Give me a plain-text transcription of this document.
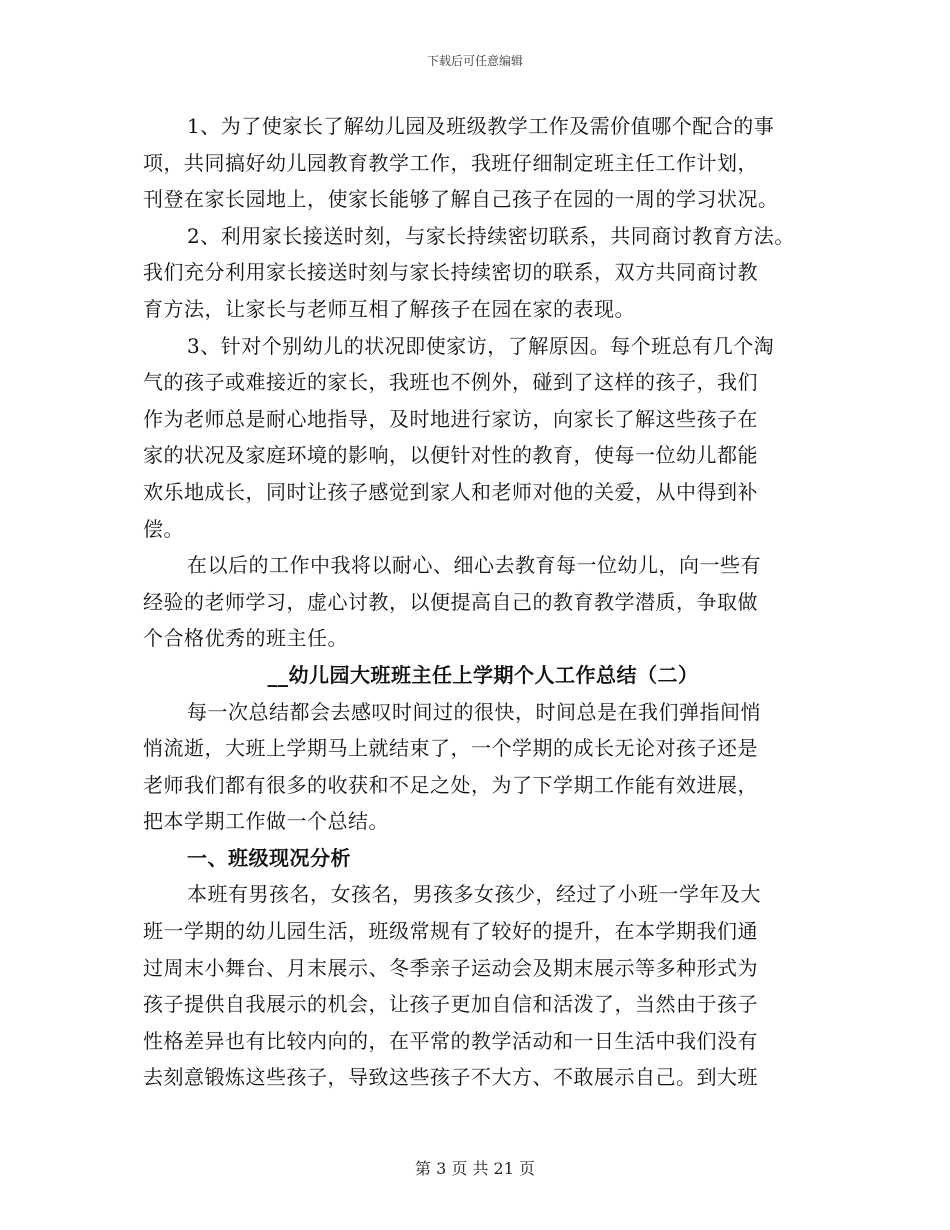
下载后可任意编辑
1、为了使家长了解幼儿园及班级教学工作及需价值哪个配合的事
项，共同搞好幼儿园教育教学工作，我班仔细制定班主任工作计划，
刊登在家长园地上，使家长能够了解自己孩子在园的一周的学习状况。
2、利用家长接送时刻，与家长持续密切联系，共同商讨教育方法。
我们充分利用家长接送时刻与家长持续密切的联系，双方共同商讨教
育方法，让家长与老师互相了解孩子在园在家的表现。
3、针对个别幼儿的状况即使家访，了解原因。每个班总有几个淘
气的孩子或难接近的家长，我班也不例外，碰到了这样的孩子，我们
作为老师总是耐心地指导，及时地进行家访，向家长了解这些孩子在
家的状况及家庭环境的影响，以便针对性的教育，使每一位幼儿都能
欢乐地成长，同时让孩子感觉到家人和老师对他的关爱，从中得到补
偿。
在以后的工作中我将以耐心、细心去教育每一位幼儿，向一些有
经验的老师学习，虚心讨教，以便提高自己的教育教学潜质，争取做
个合格优秀的班主任。
__幼儿园大班班主任上学期个人工作总结（二）
每一次总结都会去感叹时间过的很快，时间总是在我们弹指间悄
悄流逝，大班上学期马上就结束了，一个学期的成长无论对孩子还是
老师我们都有很多的收获和不足之处，为了下学期工作能有效进展，
把本学期工作做一个总结。
一、班级现况分析
本班有男孩名，女孩名，男孩多女孩少，经过了小班一学年及大
班一学期的幼儿园生活，班级常规有了较好的提升，在本学期我们通
过周末小舞台、月末展示、冬季亲子运动会及期末展示等多种形式为
孩子提供自我展示的机会，让孩子更加自信和活泼了，当然由于孩子
性格差异也有比较内向的，在平常的教学活动和一日生活中我们没有
去刻意锻炼这些孩子，导致这些孩子不大方、不敢展示自己。到大班
第 3 页 共 21 页
